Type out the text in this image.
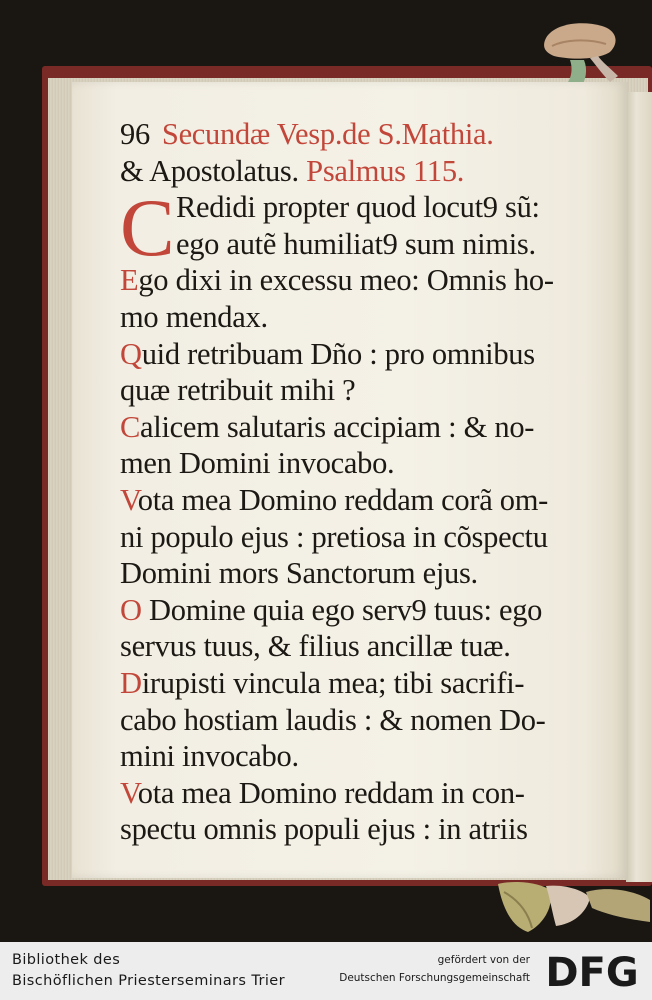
96 Secundæ Vesp.de S.Mathia.
& Apostolatus. Psalmus 115.
C Redidi propter quod locut9 sũ:
ego autẽ humiliat9 sum nimis.
Ego dixi in excessu meo: Omnis ho-
mo mendax.
Quid retribuam Dño : pro omnibus
quæ retribuit mihi ?
Calicem salutaris accipiam : & no-
men Domini invocabo.
Vota mea Domino reddam corã om-
ni populo ejus : pretiosa in cõspectu
Domini mors Sanctorum ejus.
O Domine quia ego serv9 tuus: ego
servus tuus, & filius ancillæ tuæ.
Dirupisti vincula mea; tibi sacrifi-
cabo hostiam laudis : & nomen Do-
mini invocabo.
Vota mea Domino reddam in con-
spectu omnis populi ejus : in atriis
Bibliothek des
Bischöflichen Priesterseminars Trier
gefördert von der
Deutschen Forschungsgemeinschaft DFG
